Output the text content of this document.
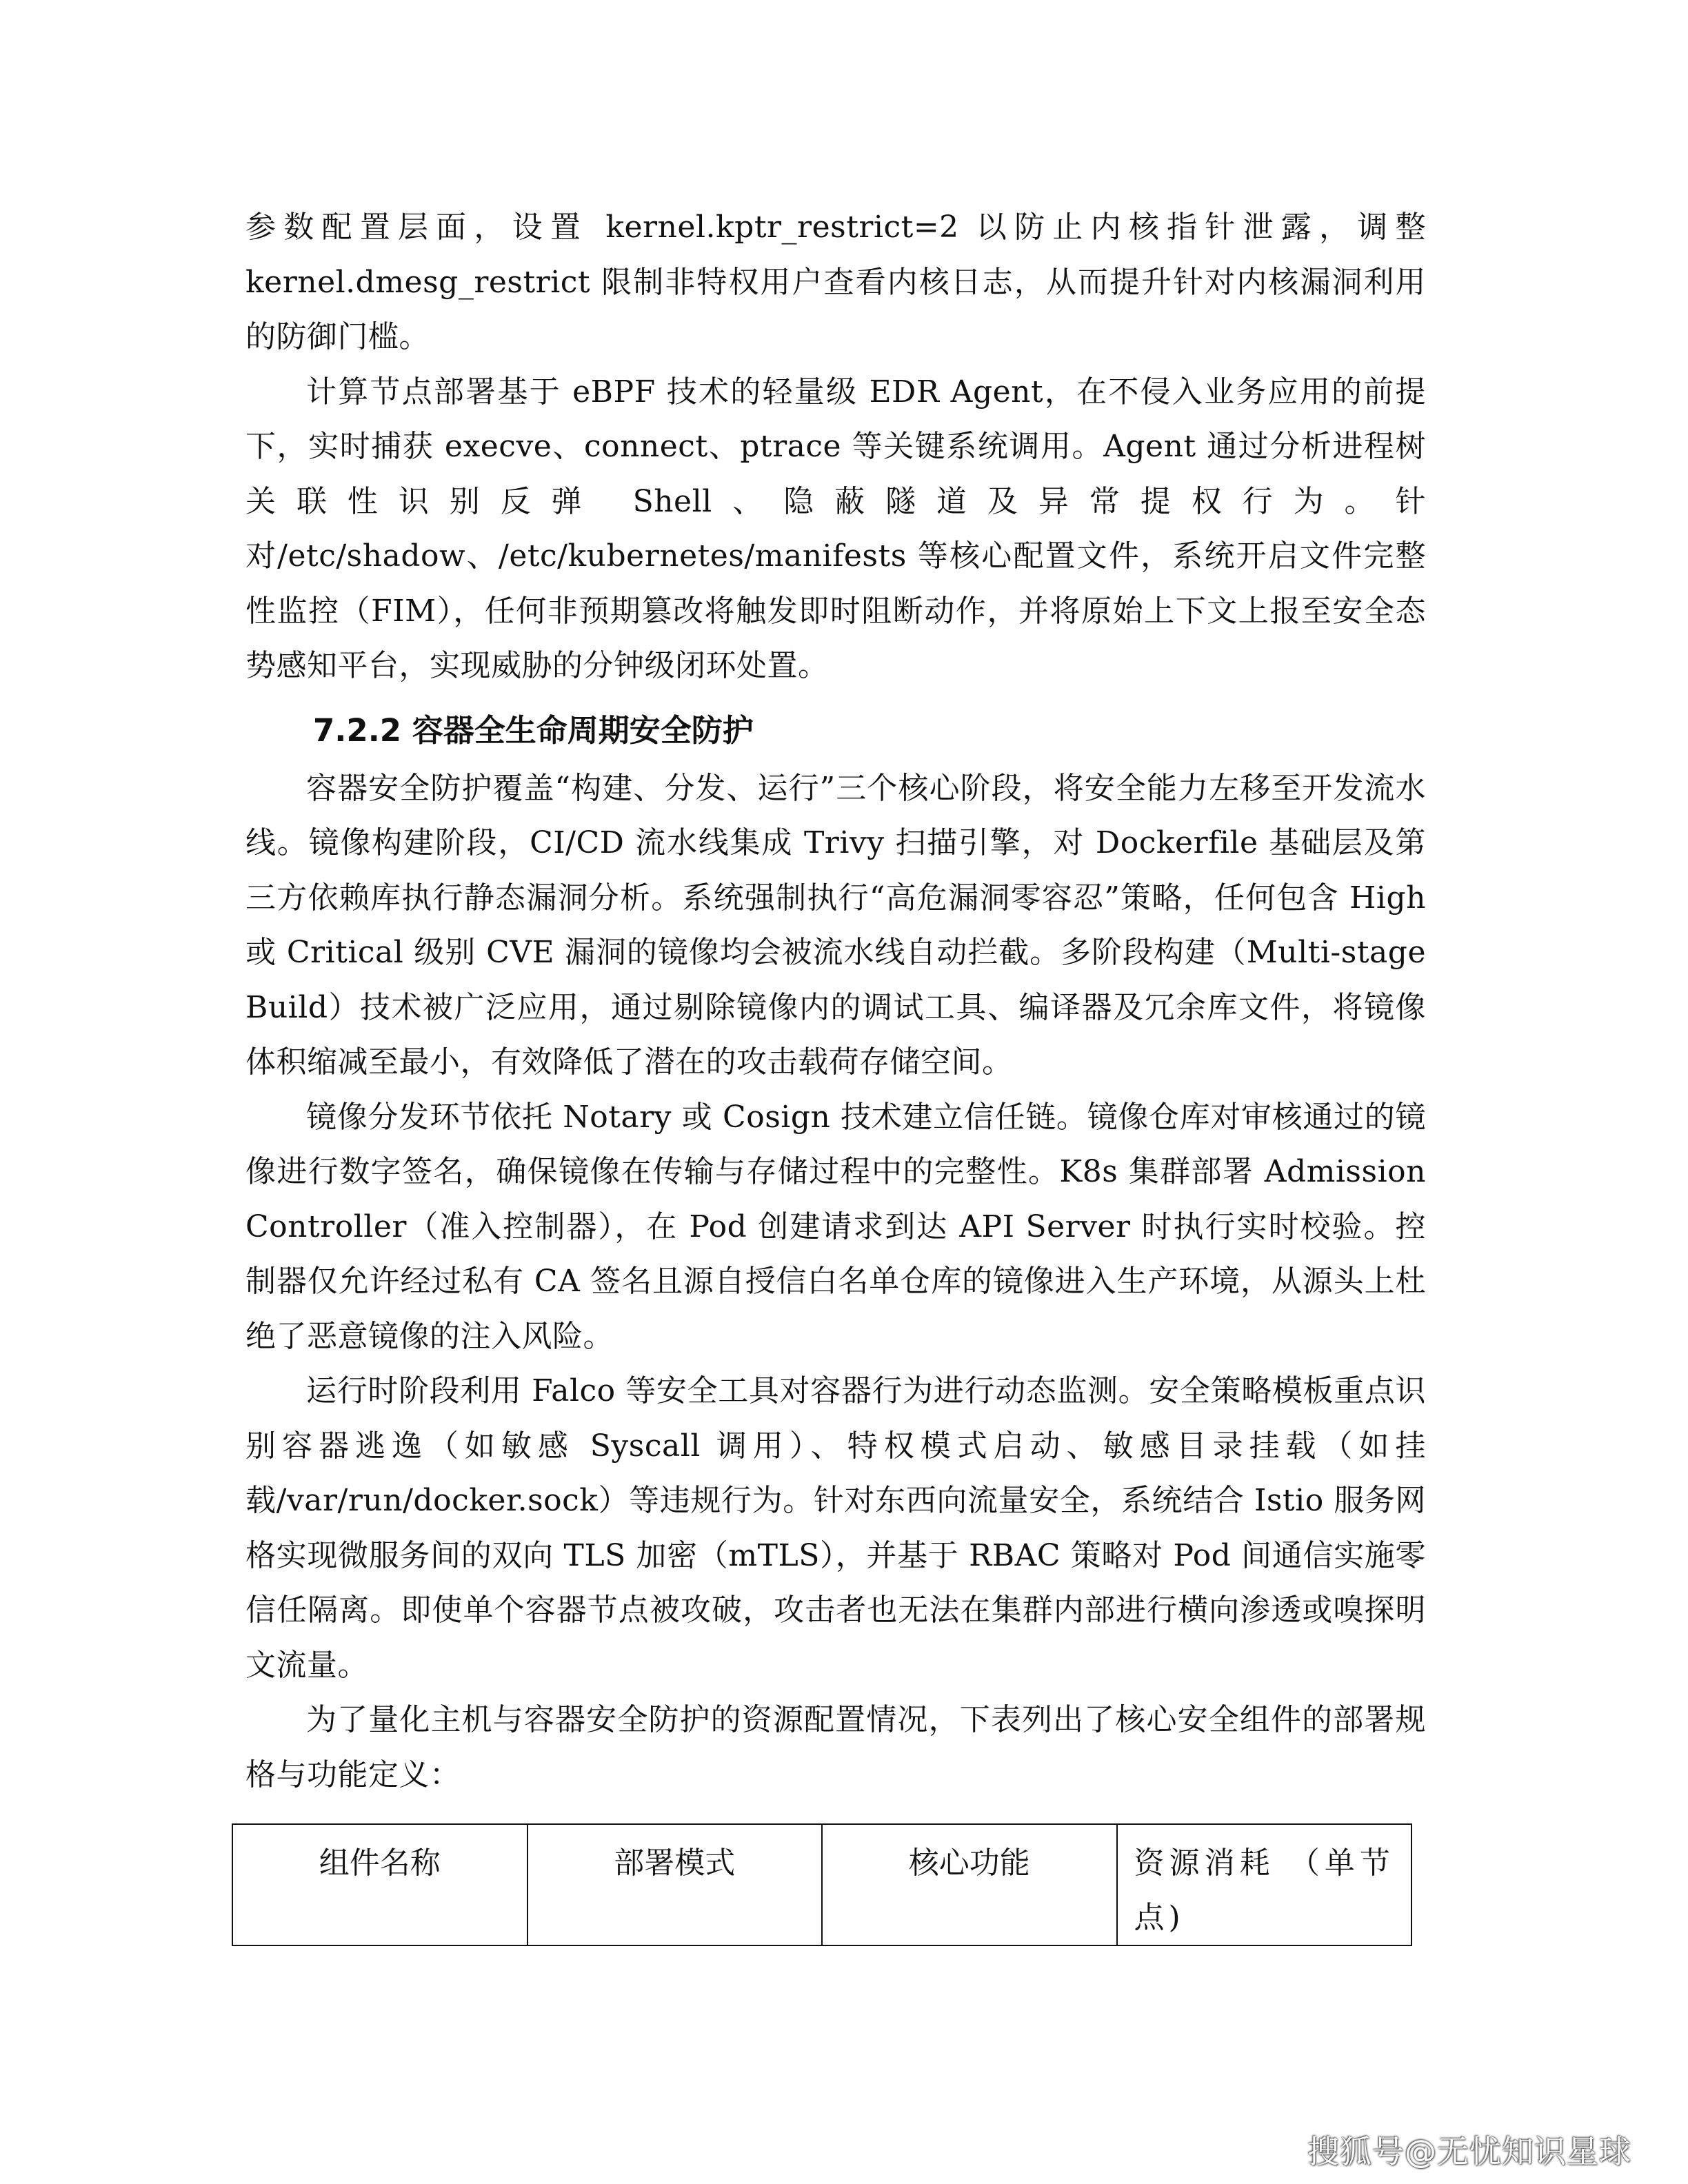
参数配置层面，设置 kernel.kptr_restrict=2 以防止内核指针泄露，调整 kernel.dmesg_restrict 限制非特权用户查看内核日志，从而提升针对内核漏洞利用的防御门槛。

计算节点部署基于 eBPF 技术的轻量级 EDR Agent，在不侵入业务应用的前提下，实时捕获 execve、connect、ptrace 等关键系统调用。Agent 通过分析进程树关联性识别反弹 Shell、隐蔽隧道及异常提权行为。针对/etc/shadow、/etc/kubernetes/manifests 等核心配置文件，系统开启文件完整性监控（FIM），任何非预期篡改将触发即时阻断动作，并将原始上下文上报至安全态势感知平台，实现威胁的分钟级闭环处置。

7.2.2 容器全生命周期安全防护

容器安全防护覆盖“构建、分发、运行”三个核心阶段，将安全能力左移至开发流水线。镜像构建阶段，CI/CD 流水线集成 Trivy 扫描引擎，对 Dockerfile 基础层及第三方依赖库执行静态漏洞分析。系统强制执行“高危漏洞零容忍”策略，任何包含 High 或 Critical 级别 CVE 漏洞的镜像均会被流水线自动拦截。多阶段构建（Multi-stage Build）技术被广泛应用，通过剔除镜像内的调试工具、编译器及冗余库文件，将镜像体积缩减至最小，有效降低了潜在的攻击载荷存储空间。

镜像分发环节依托 Notary 或 Cosign 技术建立信任链。镜像仓库对审核通过的镜像进行数字签名，确保镜像在传输与存储过程中的完整性。K8s 集群部署 Admission Controller（准入控制器），在 Pod 创建请求到达 API Server 时执行实时校验。控制器仅允许经过私有 CA 签名且源自授信白名单仓库的镜像进入生产环境，从源头上杜绝了恶意镜像的注入风险。

运行时阶段利用 Falco 等安全工具对容器行为进行动态监测。安全策略模板重点识别容器逃逸（如敏感 Syscall 调用）、特权模式启动、敏感目录挂载（如挂载/var/run/docker.sock）等违规行为。针对东西向流量安全，系统结合 Istio 服务网格实现微服务间的双向 TLS 加密（mTLS），并基于 RBAC 策略对 Pod 间通信实施零信任隔离。即使单个容器节点被攻破，攻击者也无法在集群内部进行横向渗透或嗅探明文流量。

为了量化主机与容器安全防护的资源配置情况，下表列出了核心安全组件的部署规格与功能定义：

组件名称	部署模式	核心功能	资源消耗 （单节点)
搜狐号@无忧知识星球
